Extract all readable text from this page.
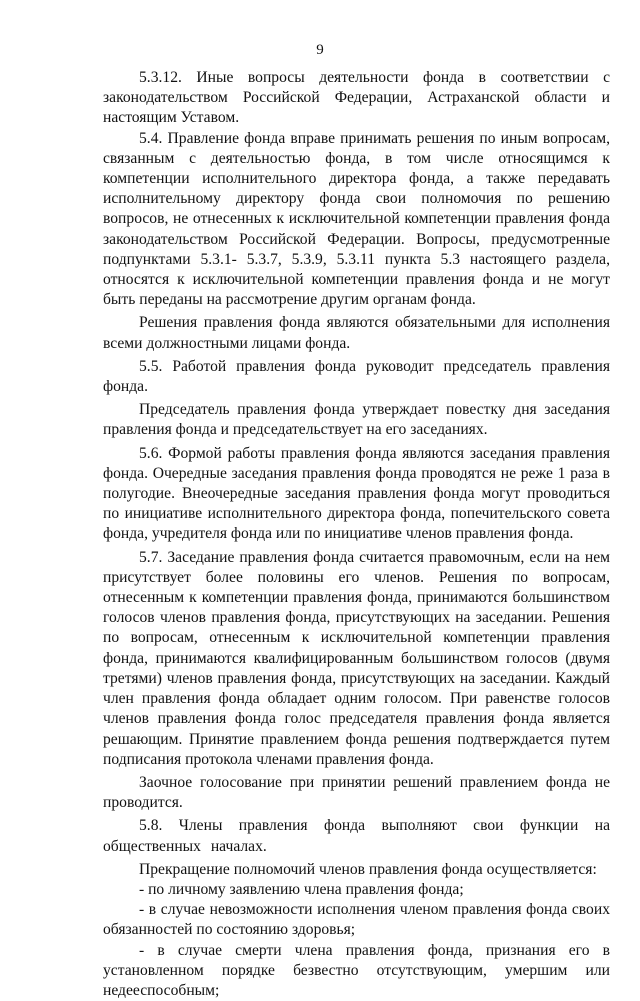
9

5.3.12. Иные вопросы деятельности фонда в соответствии с законодательством Российской Федерации, Астраханской области и настоящим Уставом.

5.4. Правление фонда вправе принимать решения по иным вопросам, связанным с деятельностью фонда, в том числе относящимся к компетенции исполнительного директора фонда, а также передавать исполнительному директору фонда свои полномочия по решению вопросов, не отнесенных к исключительной компетенции правления фонда законодательством Российской Федерации. Вопросы, предусмотренные подпунктами 5.3.1- 5.3.7, 5.3.9, 5.3.11 пункта 5.3 настоящего раздела, относятся к исключительной компетенции правления фонда и не могут быть переданы на рассмотрение другим органам фонда.

Решения правления фонда являются обязательными для исполнения всеми должностными лицами фонда.

5.5. Работой правления фонда руководит председатель правления фонда.

Председатель правления фонда утверждает повестку дня заседания правления фонда и председательствует на его заседаниях.

5.6. Формой работы правления фонда являются заседания правления фонда. Очередные заседания правления фонда проводятся не реже 1 раза в полугодие. Внеочередные заседания правления фонда могут проводиться по инициативе исполнительного директора фонда, попечительского совета фонда, учредителя фонда или по инициативе членов правления фонда.

5.7. Заседание правления фонда считается правомочным, если на нем присутствует более половины его членов. Решения по вопросам, отнесенным к компетенции правления фонда, принимаются большинством голосов членов правления фонда, присутствующих на заседании. Решения по вопросам, отнесенным к исключительной компетенции правления фонда, принимаются квалифицированным большинством голосов (двумя третями) членов правления фонда, присутствующих на заседании. Каждый член правления фонда обладает одним голосом. При равенстве голосов членов правления фонда голос председателя правления фонда является решающим. Принятие правлением фонда решения подтверждается путем подписания протокола членами правления фонда.

Заочное голосование при принятии решений правлением фонда не проводится.

5.8. Члены правления фонда выполняют свои функции на общественных началах.

Прекращение полномочий членов правления фонда осуществляется:

- по личному заявлению члена правления фонда;

- в случае невозможности исполнения членом правления фонда своих обязанностей по состоянию здоровья;

- в случае смерти члена правления фонда, признания его в установленном порядке безвестно отсутствующим, умершим или недееспособным;
